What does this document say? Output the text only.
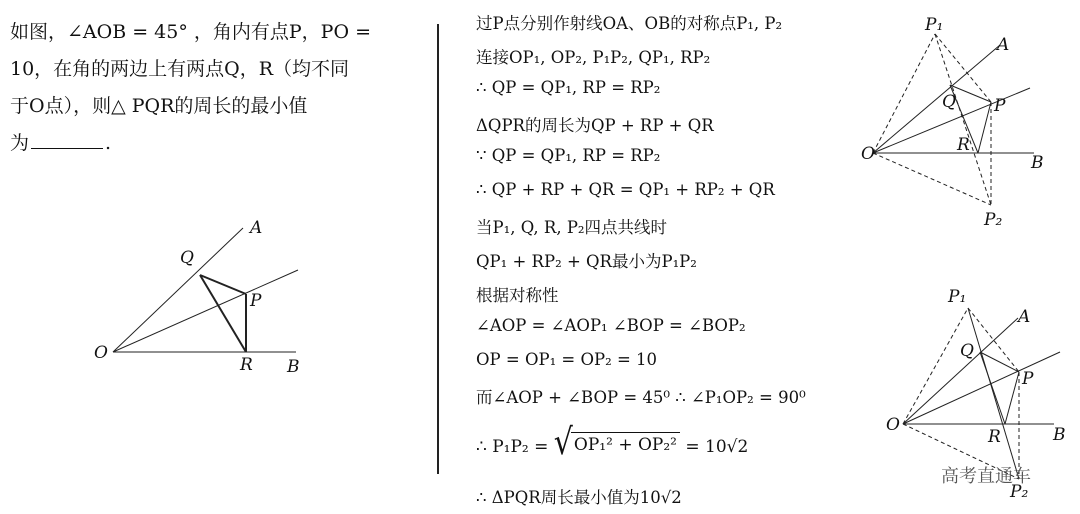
如图，∠AOB = 45° ，角内有点P，PO =
10，在角的两边上有两点Q，R（均不同
于O点），则△ PQR的周长的最小值
为	.
A
Q
P
O
R B
过P点分别作射线OA、OB的对称点P₁, P₂
连接OP₁, OP₂, P₁P₂, QP₁, RP₂
∴ QP = QP₁, RP = RP₂
ΔQPR的周长为QP + RP + QR
∵ QP = QP₁, RP = RP₂
∴ QP + RP + QR = QP₁ + RP₂ + QR
当P₁, Q, R, P₂四点共线时
QP₁ + RP₂ + QR最小为P₁P₂
根据对称性
∠AOP = ∠AOP₁ ∠BOP = ∠BOP₂
OP = OP₁ = OP₂ = 10
而∠AOP + ∠BOP = 45⁰ ∴ ∠P₁OP₂ = 90⁰
∴ P₁P₂ = √ OP₁² + OP₂² = 10√2
∴ ΔPQR周长最小值为10√2
P₁
A
Q P
O	R
B
P₂
P₁
A
Q
P
O
R	B
P₂
高考直通车
